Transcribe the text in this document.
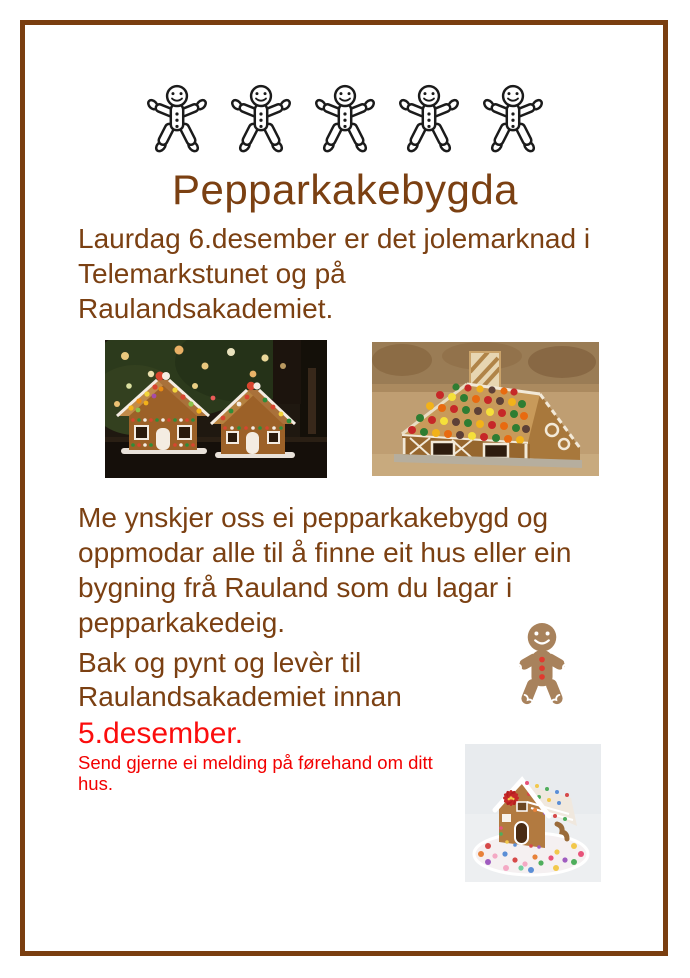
Pepparkakebygda
Laurdag 6.desember er det jolemarknad i
Telemarkstunet og på
Raulandsakademiet.
Me ynskjer oss ei pepparkakebygd og
oppmodar alle til å finne eit hus eller ein
bygning frå Rauland som du lagar i
pepparkakedeig.
Bak og pynt og levèr til
Raulandsakademiet innan
5.desember.
Send gjerne ei melding på førehand om ditt
hus.
